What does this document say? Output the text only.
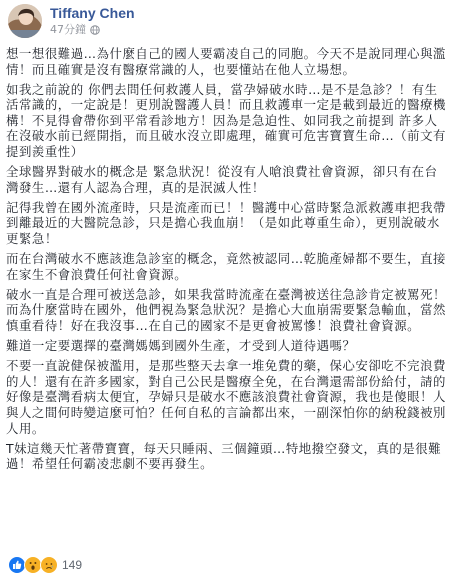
Tiffany Chen
47分鐘

想一想很難過…為什麼自己的國人要霸凌自己的同胞。今天不是說同理心與濫情！而且確實是沒有醫療常識的人，也要懂站在他人立場想。

如我之前說的 你們去問任何救護人員，當孕婦破水時…是不是急診？！有生活常識的，一定說是！更別說醫護人員！而且救護車一定是載到最近的醫療機構！不見得會帶你到平常看診地方！因為是急迫性、如同我之前提到 許多人在沒破水前已經開指，而且破水沒立即處理，確實可危害寶寶生命…（前文有提到羨重性）

全球醫界對破水的概念是 緊急狀況！從沒有人嗆浪費社會資源，卻只有在台灣發生…還有人認為合理，真的是泯滅人性！

記得我曾在國外流產時，只是流產而已！！醫護中心當時緊急派救護車把我帶到離最近的大醫院急診，只是擔心我血崩！（是如此尊重生命），更別說破水更緊急！

而在台灣破水不應該進急診室的概念，竟然被認同…乾脆產婦都不要生，直接在家生不會浪費任何社會資源。

破水一直是合理可被送急診，如果我當時流產在臺灣被送往急診肯定被罵死！而為什麼當時在國外，他們視為緊急狀況？是擔心大血崩需要緊急輸血，當然慎重看待！好在我沒事…在自己的國家不是更會被罵慘！浪費社會資源。

難道一定要選擇的臺灣媽媽到國外生產，才受到人道待遇嗎？

不要一直說健保被濫用，是那些整天去拿一堆免費的藥，保心安卻吃不完浪費的人！還有在許多國家，對自己公民是醫療全免，在台灣還需部份給付，請的好像是臺灣看病太便宜，孕婦只是破水不應該浪費社會資源，我也是傻眼！人與人之間何時變這麼可怕？任何自私的言論都出來，一副深怕你的納稅錢被別人用。

T妹這幾天忙著帶寶寶，每天只睡兩、三個鐘頭…特地撥空發文，真的是很難過！希望任何霸凌悲劇不要再發生。

149
